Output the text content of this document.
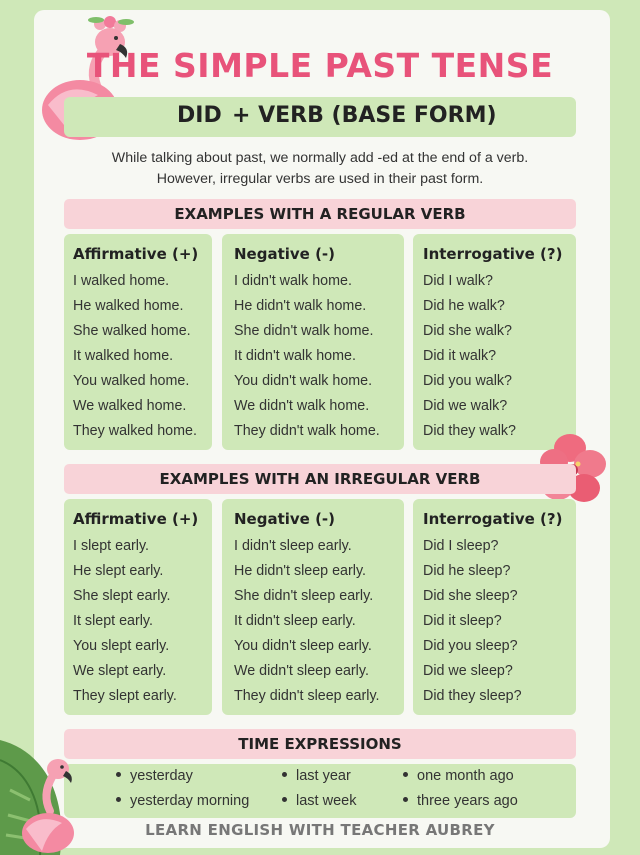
THE SIMPLE PAST TENSE
DID + VERB (BASE FORM)
While talking about past, we normally add -ed at the end of a verb.
However, irregular verbs are used in their past form.
EXAMPLES WITH A REGULAR VERB
Affirmative (+)
I walked home.
He walked home.
She walked home.
It walked home.
You walked home.
We walked home.
They walked home.
Negative (-)
I didn't walk home.
He didn't walk home.
She didn't walk home.
It didn't walk home.
You didn't walk home.
We didn't walk home.
They didn't walk home.
Interrogative (?)
Did I walk?
Did he walk?
Did she walk?
Did it walk?
Did you walk?
Did we walk?
Did they walk?
EXAMPLES WITH AN IRREGULAR VERB
Affirmative (+)
I slept early.
He slept early.
She slept early.
It slept early.
You slept early.
We slept early.
They slept early.
Negative (-)
I didn't sleep early.
He didn't sleep early.
She didn't sleep early.
It didn't sleep early.
You didn't sleep early.
We didn't sleep early.
They didn't sleep early.
Interrogative (?)
Did I sleep?
Did he sleep?
Did she sleep?
Did it sleep?
Did you sleep?
Did we sleep?
Did they sleep?
TIME EXPRESSIONS
yesterday
yesterday morning
last year
last week
one month ago
three years ago
LEARN ENGLISH WITH TEACHER AUBREY
